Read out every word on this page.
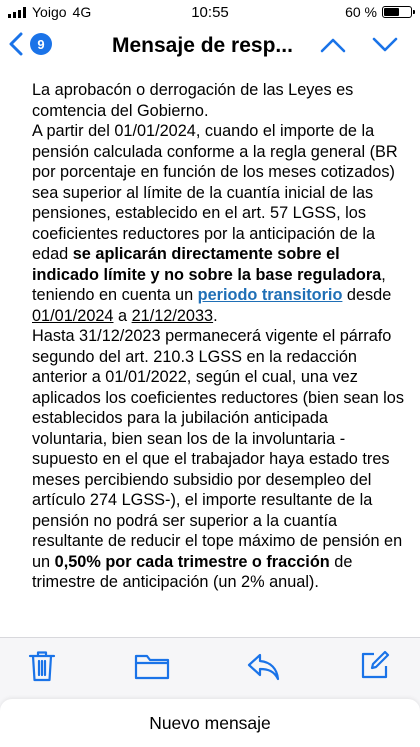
Yoigo 4G	10:55	60 %
9	Mensaje de resp...

La aprobacón o derrogación de las Leyes es comtencia del Gobierno.

A partir del 01/01/2024, cuando el importe de la pensión calculada conforme a la regla general (BR por porcentaje en función de los meses cotizados) sea superior al límite de la cuantía inicial de las pensiones, establecido en el art. 57 LGSS, los coeficientes reductores por la anticipación de la edad se aplicarán directamente sobre el indicado límite y no sobre la base reguladora, teniendo en cuenta un periodo transitorio desde 01/01/2024 a 21/12/2033.

Hasta 31/12/2023 permanecerá vigente el párrafo segundo del art. 210.3 LGSS en la redacción anterior a 01/01/2022, según el cual, una vez aplicados los coeficientes reductores (bien sean los establecidos para la jubilación anticipada voluntaria, bien sean los de la involuntaria -supuesto en el que el trabajador haya estado tres meses percibiendo subsidio por desempleo del artículo 274 LGSS-), el importe resultante de la pensión no podrá ser superior a la cuantía resultante de reducir el tope máximo de pensión en un 0,50% por cada trimestre o fracción de trimestre de anticipación (un 2% anual).

Nuevo mensaje
